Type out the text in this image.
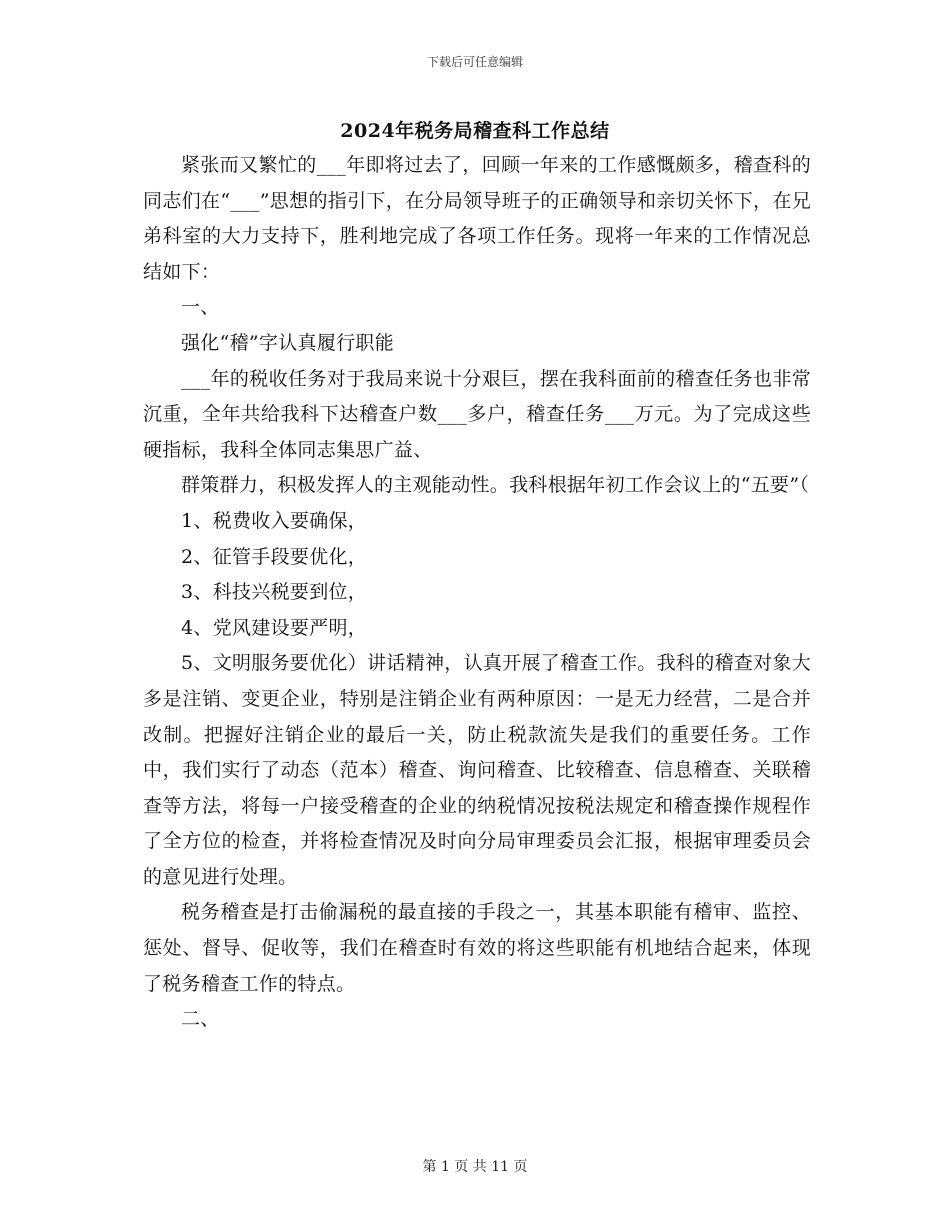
下载后可任意编辑
2024年税务局稽查科工作总结

紧张而又繁忙的___年即将过去了，回顾一年来的工作感慨颇多，稽查科的同志们在“___”思想的指引下，在分局领导班子的正确领导和亲切关怀下，在兄弟科室的大力支持下，胜利地完成了各项工作任务。现将一年来的工作情况总结如下：

一、

强化“稽”字认真履行职能

___年的税收任务对于我局来说十分艰巨，摆在我科面前的稽查任务也非常沉重，全年共给我科下达稽查户数___多户，稽查任务___万元。为了完成这些硬指标，我科全体同志集思广益、

群策群力，积极发挥人的主观能动性。我科根据年初工作会议上的“五要”（

1、税费收入要确保，

2、征管手段要优化，

3、科技兴税要到位，

4、党风建设要严明，

5、文明服务要优化）讲话精神，认真开展了稽查工作。我科的稽查对象大多是注销、变更企业，特别是注销企业有两种原因：一是无力经营，二是合并改制。把握好注销企业的最后一关，防止税款流失是我们的重要任务。工作中，我们实行了动态（范本）稽查、询问稽查、比较稽查、信息稽查、关联稽查等方法，将每一户接受稽查的企业的纳税情况按税法规定和稽查操作规程作了全方位的检查，并将检查情况及时向分局审理委员会汇报，根据审理委员会的意见进行处理。

税务稽查是打击偷漏税的最直接的手段之一，其基本职能有稽审、监控、惩处、督导、促收等，我们在稽查时有效的将这些职能有机地结合起来，体现了税务稽查工作的特点。

二、

第 1 页 共 11 页
